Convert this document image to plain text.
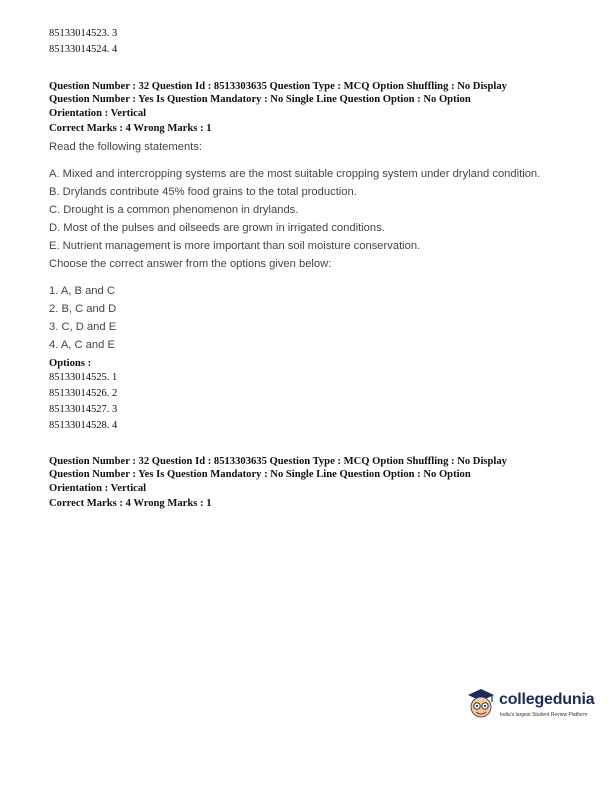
85133014523. 3

85133014524. 4

Question Number : 32 Question Id : 8513303635 Question Type : MCQ Option Shuffling : No Display

Question Number : Yes Is Question Mandatory : No Single Line Question Option : No Option

Orientation : Vertical

Correct Marks : 4 Wrong Marks : 1

Read the following statements:

A. Mixed and intercropping systems are the most suitable cropping system under dryland condition.

B. Drylands contribute 45% food grains to the total production.

C. Drought is a common phenomenon in drylands.

D. Most of the pulses and oilseeds are grown in irrigated conditions.

E. Nutrient management is more important than soil moisture conservation.

Choose the correct answer from the options given below:

1. A, B and C

2. B, C and D

3. C, D and E

4. A, C and E

Options :

85133014525. 1

85133014526. 2

85133014527. 3

85133014528. 4

Question Number : 32 Question Id : 8513303635 Question Type : MCQ Option Shuffling : No Display

Question Number : Yes Is Question Mandatory : No Single Line Question Option : No Option

Orientation : Vertical

Correct Marks : 4 Wrong Marks : 1

collegedunia
India's largest Student Review Platform
